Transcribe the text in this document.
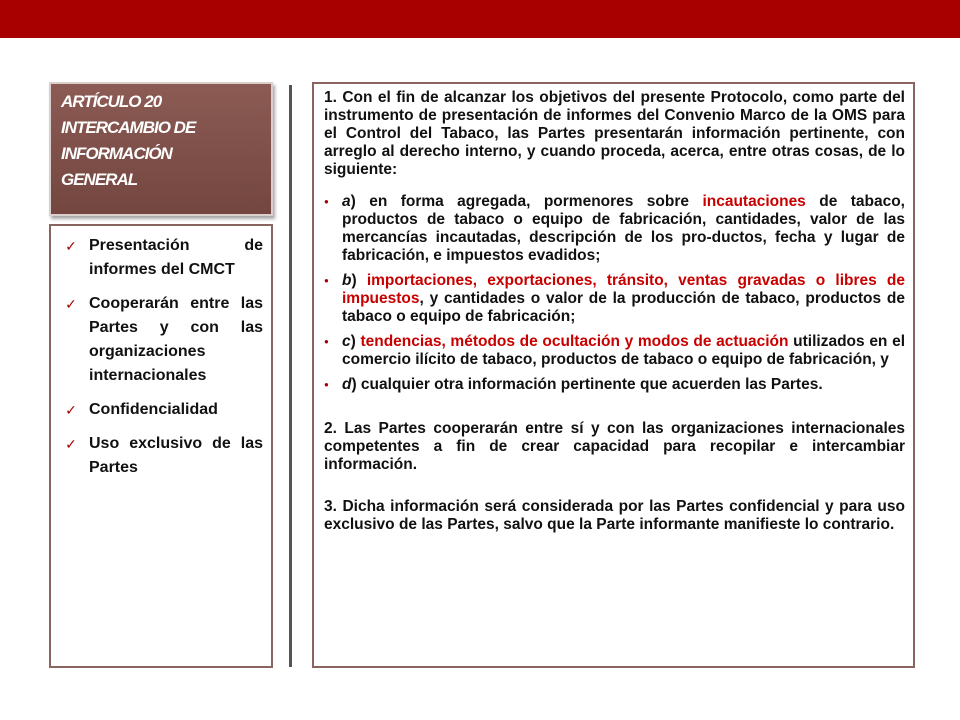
ARTÍCULO 20
INTERCAMBIO DE
INFORMACIÓN
GENERAL
✓ Presentación de informes del CMCT
✓ Cooperarán entre las Partes y con las organizaciones internacionales
✓ Confidencialidad
✓ Uso exclusivo de las Partes

1. Con el fin de alcanzar los objetivos del presente Protocolo, como parte del instrumento de presentación de informes del Convenio Marco de la OMS para el Control del Tabaco, las Partes presentarán información pertinente, con arreglo al derecho interno, y cuando proceda, acerca, entre otras cosas, de lo siguiente:

● a) en forma agregada, pormenores sobre incautaciones de tabaco, productos de tabaco o equipo de fabricación, cantidades, valor de las mercancías incautadas, descripción de los pro-ductos, fecha y lugar de fabricación, e impuestos evadidos;
● b) importaciones, exportaciones, tránsito, ventas gravadas o libres de impuestos, y cantidades o valor de la producción de tabaco, productos de tabaco o equipo de fabricación;
● c) tendencias, métodos de ocultación y modos de actuación utilizados en el comercio ilícito de tabaco, productos de tabaco o equipo de fabricación, y
● d) cualquier otra información pertinente que acuerden las Partes.

2. Las Partes cooperarán entre sí y con las organizaciones internacionales competentes a fin de crear capacidad para recopilar e intercambiar información.

3. Dicha información será considerada por las Partes confidencial y para uso exclusivo de las Partes, salvo que la Parte informante manifieste lo contrario.
